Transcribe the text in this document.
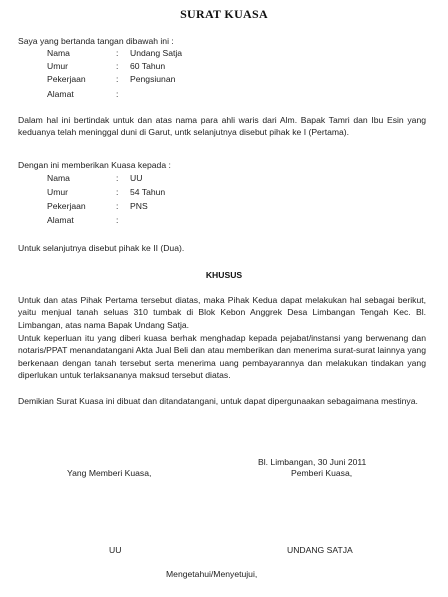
SURAT KUASA
Saya yang bertanda tangan dibawah ini :
Nama	: Undang Satja
Umur	: 60 Tahun
Pekerjaan	: Pengsiunan
Alamat	:
Dalam hal ini bertindak untuk dan atas nama para ahli waris dari Alm. Bapak Tamri dan Ibu Esin yang keduanya telah meninggal duni di Garut, untk selanjutnya disebut pihak ke I (Pertama).
Dengan ini memberikan Kuasa kepada :
Nama	: UU
Umur	: 54 Tahun
Pekerjaan	: PNS
Alamat	:
Untuk selanjutnya disebut pihak ke II (Dua).
KHUSUS
Untuk dan atas Pihak Pertama tersebut diatas, maka Pihak Kedua dapat melakukan hal sebagai berikut, yaitu menjual tanah seluas 310 tumbak di Blok Kebon Anggrek Desa Limbangan Tengah Kec. Bl. Limbangan, atas nama Bapak Undang Satja.
Untuk keperluan itu yang diberi kuasa berhak menghadap kepada pejabat/instansi yang berwenang dan notaris/PPAT menandatangani Akta Jual Beli dan atau memberikan dan menerima surat-surat lainnya yang berkenaan dengan tanah tersebut serta menerima uang pembayarannya dan melakukan tindakan yang diperlukan untuk terlaksananya maksud tersebut diatas.
Demikian Surat Kuasa ini dibuat dan ditandatangani, untuk dapat dipergunaakan sebagaimana mestinya.
Bl. Limbangan, 30 Juni 2011
Yang Memberi Kuasa,	Pemberi Kuasa,
UU	UNDANG SATJA
Mengetahui/Menyetujui,
